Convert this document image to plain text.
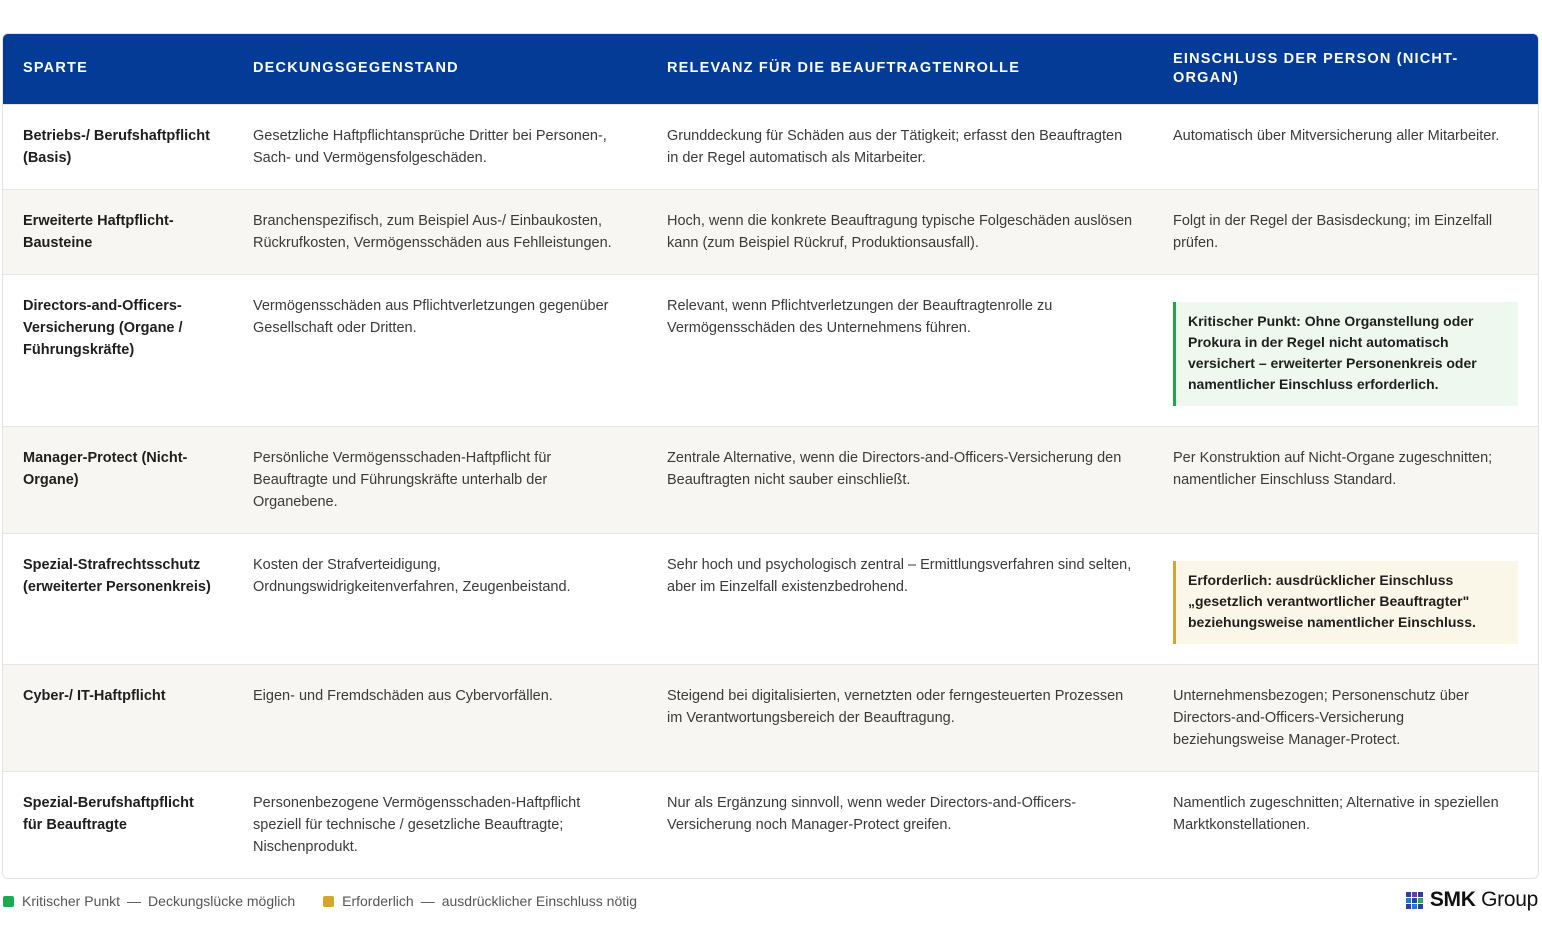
SPARTE	DECKUNGSGEGENSTAND	RELEVANZ FÜR DIE BEAUFTRAGTENROLLE	EINSCHLUSS DER PERSON (NICHT-ORGAN)
Betriebs-/ Berufshaftpflicht (Basis)	Gesetzliche Haftpflichtansprüche Dritter bei Personen-, Sach- und Vermögensfolgeschäden.	Grunddeckung für Schäden aus der Tätigkeit; erfasst den Beauftragten in der Regel automatisch als Mitarbeiter.	Automatisch über Mitversicherung aller Mitarbeiter.
Erweiterte Haftpflicht-Bausteine	Branchenspezifisch, zum Beispiel Aus-/ Einbaukosten, Rückrufkosten, Vermögensschäden aus Fehlleistungen.	Hoch, wenn die konkrete Beauftragung typische Folgeschäden auslösen kann (zum Beispiel Rückruf, Produktionsausfall).	Folgt in der Regel der Basisdeckung; im Einzelfall prüfen.
Directors-and-Officers-Versicherung (Organe / Führungskräfte)	Vermögensschäden aus Pflichtverletzungen gegenüber Gesellschaft oder Dritten.	Relevant, wenn Pflichtverletzungen der Beauftragtenrolle zu Vermögensschäden des Unternehmens führen.	Kritischer Punkt: Ohne Organstellung oder Prokura in der Regel nicht automatisch versichert – erweiterter Personenkreis oder namentlicher Einschluss erforderlich.

Manager-Protect (Nicht-Organe)	Persönliche Vermögensschaden-Haftpflicht für Beauftragte und Führungskräfte unterhalb der Organebene.	Zentrale Alternative, wenn die Directors-and-Officers-Versicherung den Beauftragten nicht sauber einschließt.	Per Konstruktion auf Nicht-Organe zugeschnitten; namentlicher Einschluss Standard.
Spezial-Strafrechtsschutz (erweiterter Personenkreis)	Kosten der Strafverteidigung, Ordnungswidrigkeitenverfahren, Zeugenbeistand.	Sehr hoch und psychologisch zentral – Ermittlungsverfahren sind selten, aber im Einzelfall existenzbedrohend.	Erforderlich: ausdrücklicher Einschluss „gesetzlich verantwortlicher Beauftragter" beziehungsweise namentlicher Einschluss.

Cyber-/ IT-Haftpflicht	Eigen- und Fremdschäden aus Cybervorfällen.	Steigend bei digitalisierten, vernetzten oder ferngesteuerten Prozessen im Verantwortungsbereich der Beauftragung.	Unternehmensbezogen; Personenschutz über Directors-and-Officers-Versicherung beziehungsweise Manager-Protect.
Spezial-Berufshaftpflicht für Beauftragte	Personenbezogene Vermögensschaden-Haftpflicht speziell für technische / gesetzliche Beauftragte; Nischenprodukt.	Nur als Ergänzung sinnvoll, wenn weder Directors-and-Officers-Versicherung noch Manager-Protect greifen.	Namentlich zugeschnitten; Alternative in speziellen Marktkonstellationen.
Kritischer Punkt — Deckungslücke möglich	Erforderlich — ausdrücklicher Einschluss nötig	SMK Group
